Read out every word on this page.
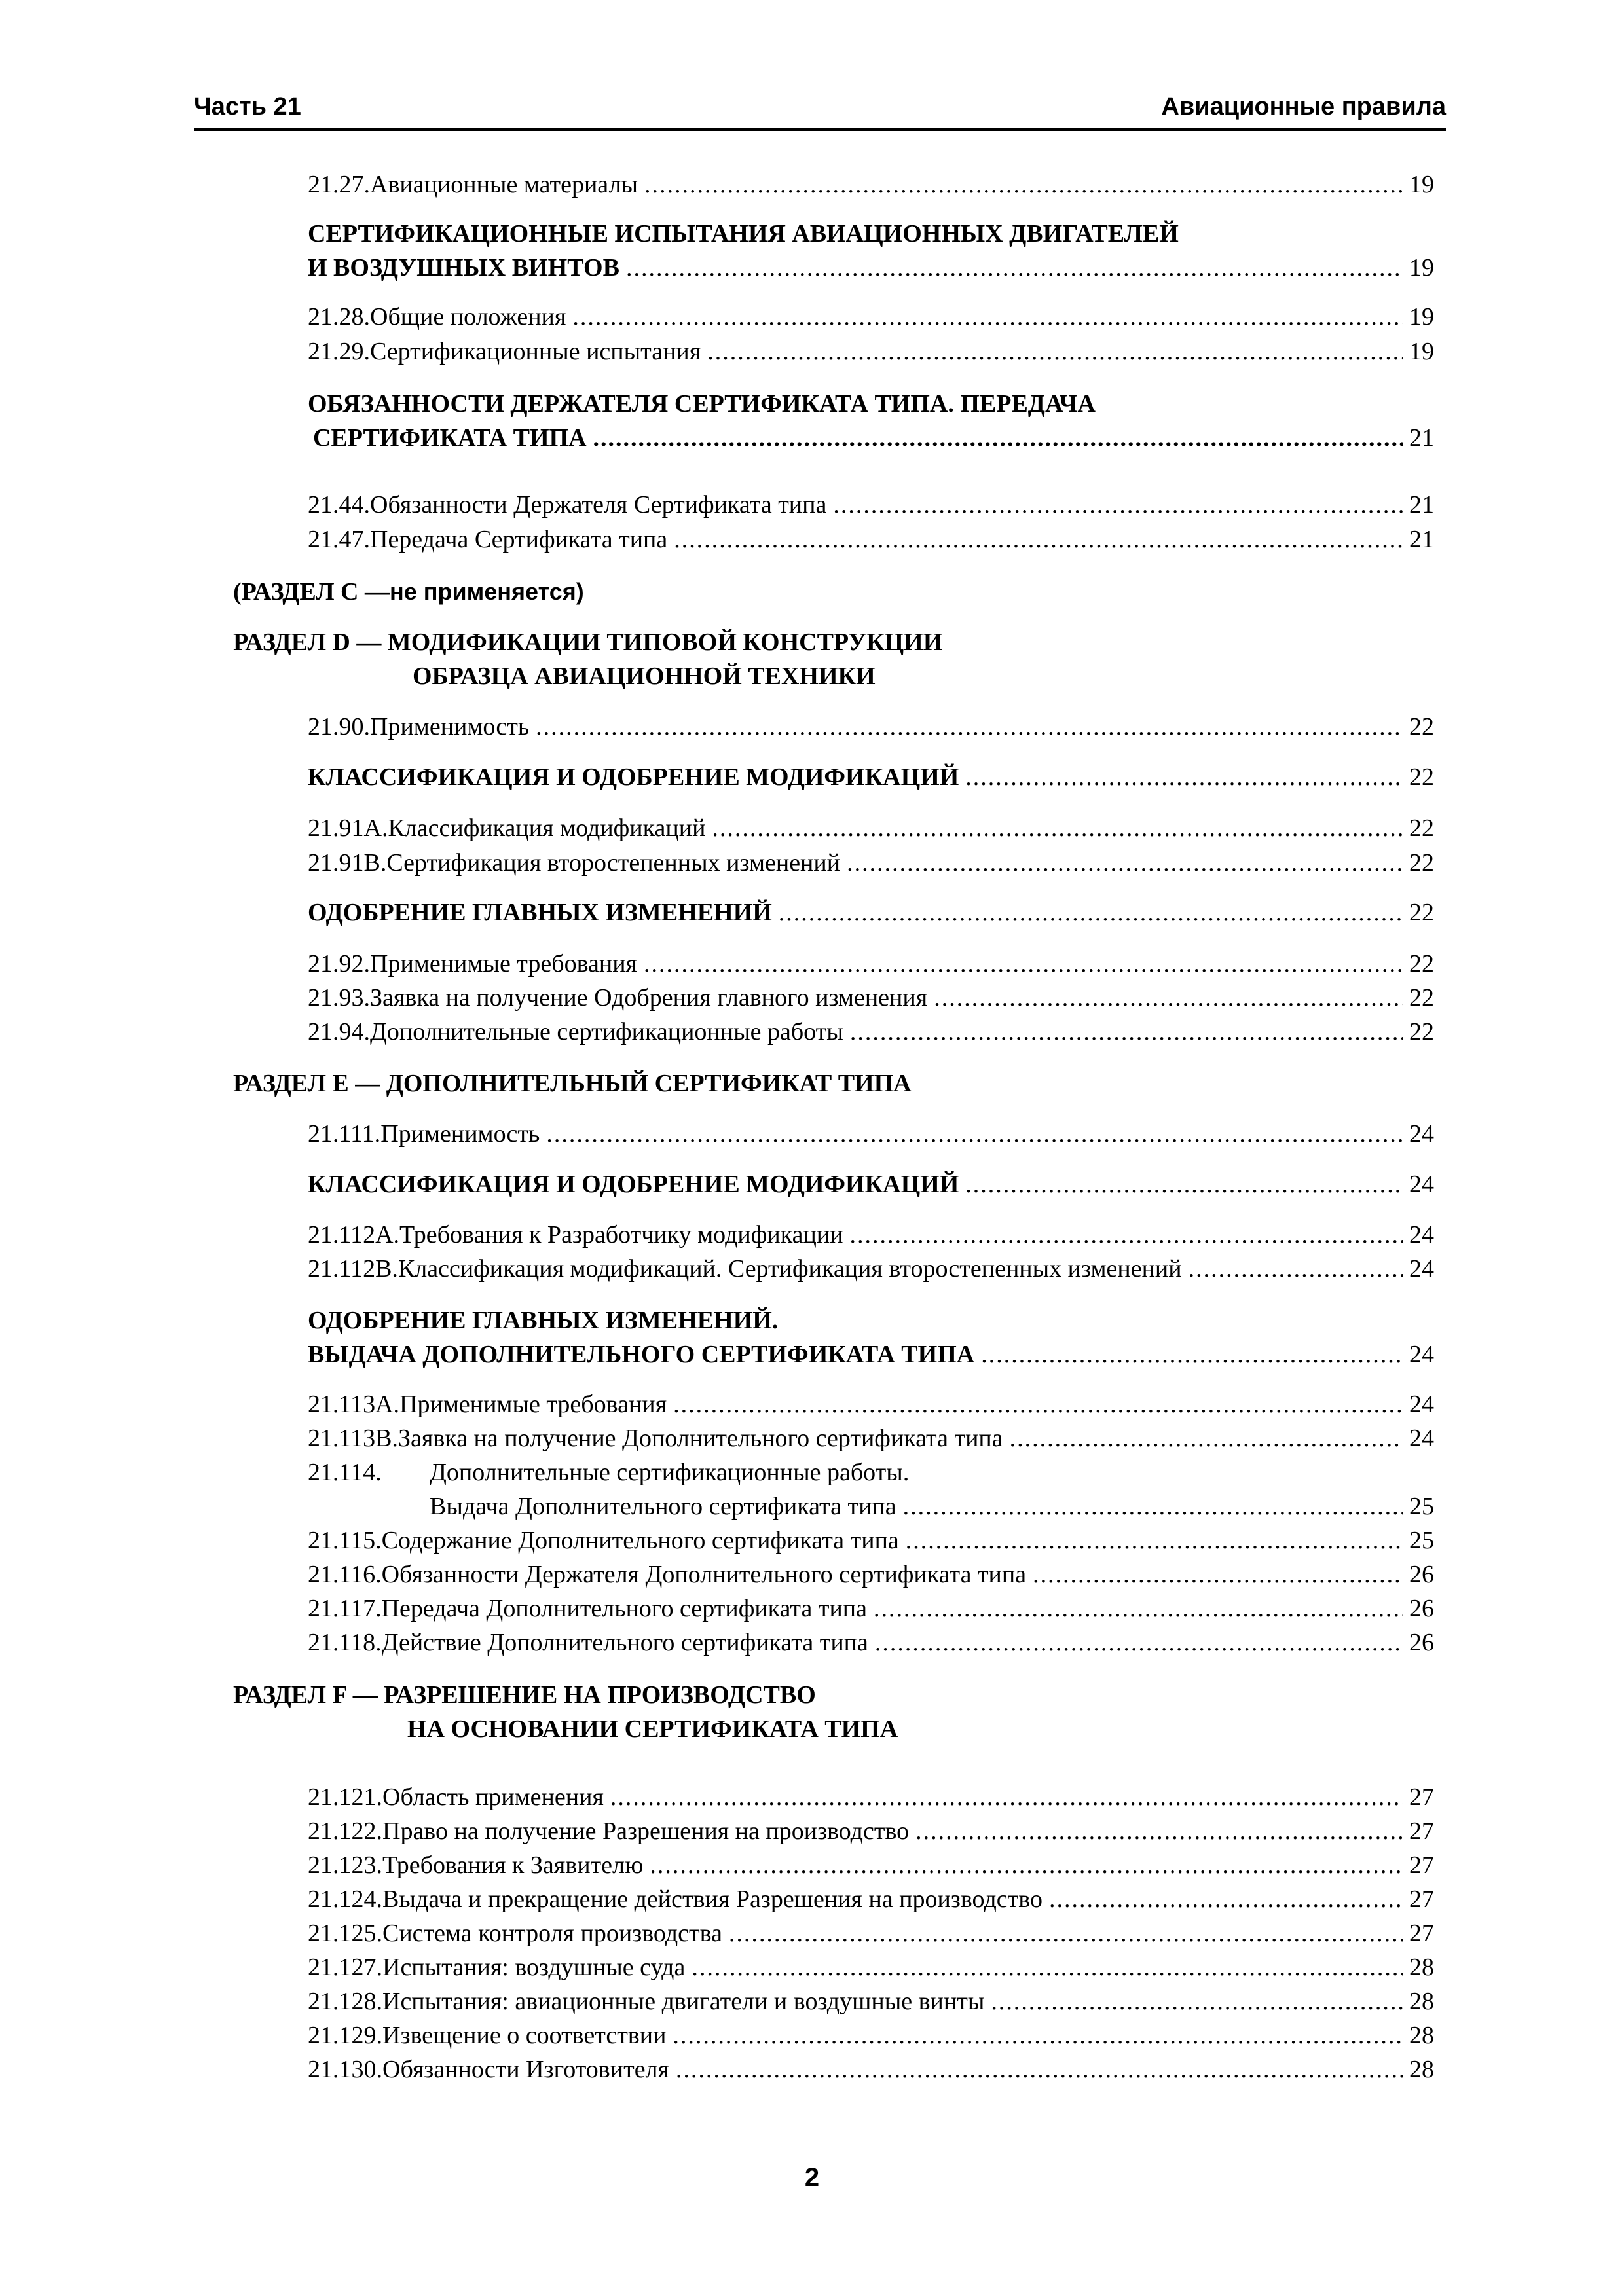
Часть 21	Авиационные правила
21.27. Авиационные материалы .....	19
СЕРТИФИКАЦИОННЫЕ ИСПЫТАНИЯ АВИАЦИОННЫХ ДВИГАТЕЛЕЙ
И ВОЗДУШНЫХ ВИНТОВ .....	19
21.28. Общие положения .....	19
21.29. Сертификационные испытания .....	19
ОБЯЗАННОСТИ ДЕРЖАТЕЛЯ СЕРТИФИКАТА ТИПА. ПЕРЕДАЧА
СЕРТИФИКАТА ТИПА .....	21
21.44. Обязанности Держателя Сертификата типа .....	21
21.47. Передача Сертификата типа .....	21
(РАЗДЕЛ С — не применяется)
РАЗДЕЛ D — МОДИФИКАЦИИ ТИПОВОЙ КОНСТРУКЦИИ
ОБРАЗЦА АВИАЦИОННОЙ ТЕХНИКИ
21.90. Применимость .....	22
КЛАССИФИКАЦИЯ И ОДОБРЕНИЕ МОДИФИКАЦИЙ .....	22
21.91А. Классификация модификаций .....	22
21.91В. Сертификация второстепенных изменений .....	22
ОДОБРЕНИЕ ГЛАВНЫХ ИЗМЕНЕНИЙ .....	22
21.92. Применимые требования .....	22
21.93. Заявка на получение Одобрения главного изменения .....	22
21.94. Дополнительные сертификационные работы .....	22
РАЗДЕЛ Е — ДОПОЛНИТЕЛЬНЫЙ СЕРТИФИКАТ ТИПА
21.111. Применимость .....	24
КЛАССИФИКАЦИЯ И ОДОБРЕНИЕ МОДИФИКАЦИЙ .....	24
21.112А. Требования к Разработчику модификации .....	24
21.112В. Классификация модификаций. Сертификация второстепенных изменений .....	24
ОДОБРЕНИЕ ГЛАВНЫХ ИЗМЕНЕНИЙ.
ВЫДАЧА ДОПОЛНИТЕЛЬНОГО СЕРТИФИКАТА ТИПА .....	24
21.113А. Применимые требования .....	24
21.113В. Заявка на получение Дополнительного сертификата типа .....	24
21.114.	Дополнительные сертификационные работы.
Выдача Дополнительного сертификата типа .....	25
21.115. Содержание Дополнительного сертификата типа .....	25
21.116. Обязанности Держателя Дополнительного сертификата типа .....	26
21.117. Передача Дополнительного сертификата типа .....	26
21.118. Действие Дополнительного сертификата типа .....	26
РАЗДЕЛ F — РАЗРЕШЕНИЕ НА ПРОИЗВОДСТВО
НА ОСНОВАНИИ СЕРТИФИКАТА ТИПА
21.121. Область применения .....	27
21.122. Право на получение Разрешения на производство .....	27
21.123. Требования к Заявителю .....	27
21.124. Выдача и прекращение действия Разрешения на производство .....	27
21.125. Система контроля производства .....	27
21.127. Испытания: воздушные суда .....	28
21.128. Испытания: авиационные двигатели и воздушные винты .....	28
21.129. Извещение о соответствии .....	28
21.130. Обязанности Изготовителя .....	28
2
